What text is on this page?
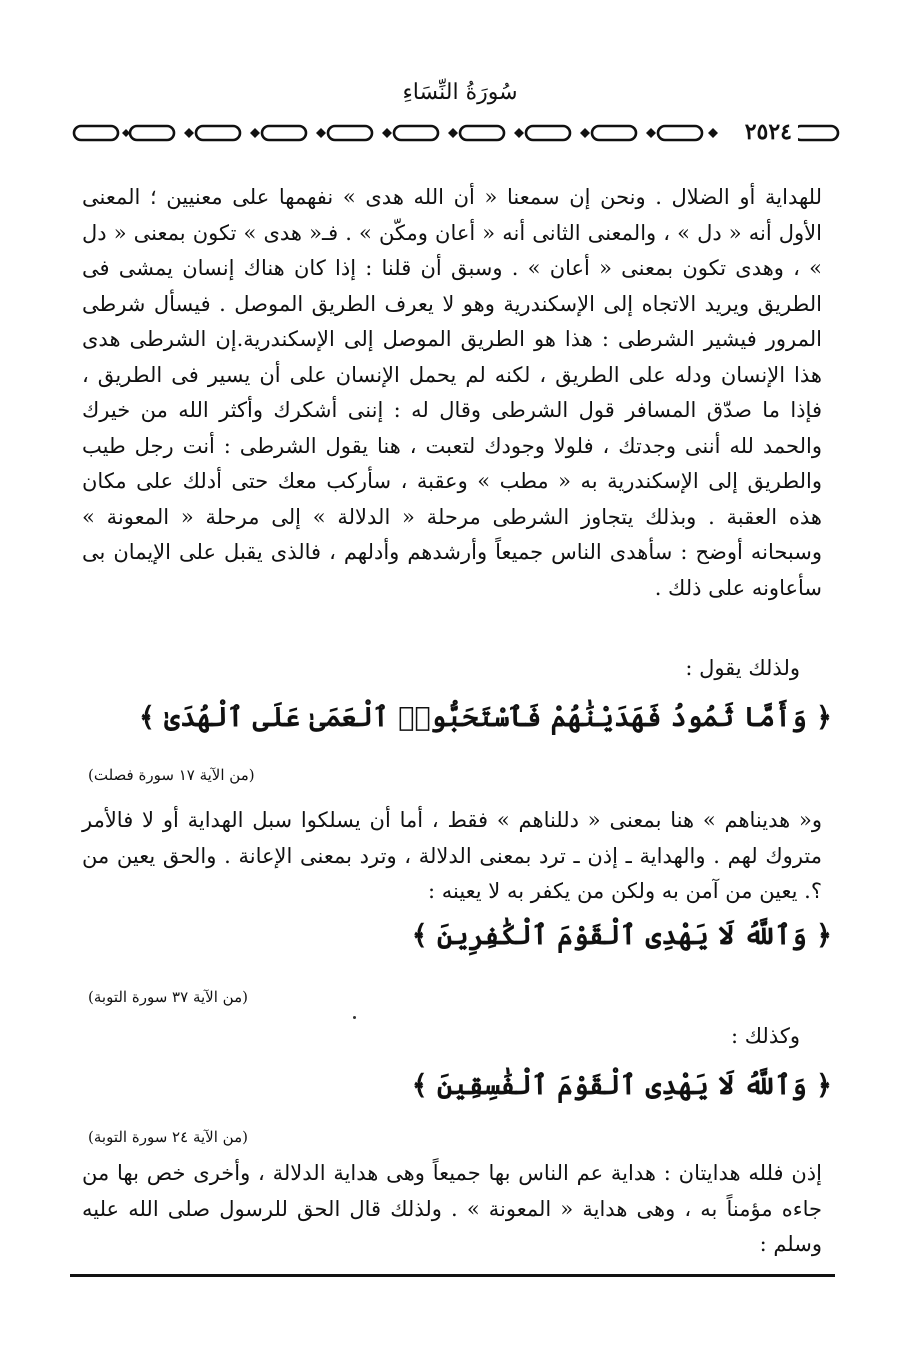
سُورَةُ النِّسَاءِ
٢٥٢٤
للهداية أو الضلال . ونحن إن سمعنا « أن الله هدى » نفهمها على معنيين ؛ المعنى الأول أنه « دل » ، والمعنى الثانى أنه « أعان ومكّن » . فـ« هدى » تكون بمعنى « دل » ، وهدى تكون بمعنى « أعان » . وسبق أن قلنا : إذا كان هناك إنسان يمشى فى الطريق ويريد الاتجاه إلى الإسكندرية وهو لا يعرف الطريق الموصل . فيسأل شرطى المرور فيشير الشرطى : هذا هو الطريق الموصل إلى الإسكندرية.إن الشرطى هدى هذا الإنسان ودله على الطريق ، لكنه لم يحمل الإنسان على أن يسير فى الطريق ، فإذا ما صدّق المسافر قول الشرطى وقال له : إننى أشكرك وأكثر الله من خيرك والحمد لله أننى وجدتك ، فلولا وجودك لتعبت ، هنا يقول الشرطى : أنت رجل طيب والطريق إلى الإسكندرية به « مطب » وعقبة ، سأركب معك حتى أدلك على مكان هذه العقبة . وبذلك يتجاوز الشرطى مرحلة « الدلالة » إلى مرحلة « المعونة » وسبحانه أوضح : سأهدى الناس جميعاً وأرشدهم وأدلهم ، فالذى يقبل على الإيمان بى سأعاونه على ذلك .
ولذلك يقول :
﴿ وَأَمَّا ثَمُودُ فَهَدَيْنَٰهُمْ فَٱسْتَحَبُّوا۟ ٱلْعَمَىٰ عَلَى ٱلْهُدَىٰ ﴾
(من الآية ١٧ سورة فصلت)
و« هديناهم » هنا بمعنى « دللناهم » فقط ، أما أن يسلكوا سبل الهداية أو لا فالأمر متروك لهم . والهداية ـ إذن ـ ترد بمعنى الدلالة ، وترد بمعنى الإعانة . والحق يعين من ؟. يعين من آمن به ولكن من يكفر به لا يعينه :
﴿ وَٱللَّهُ لَا يَهْدِى ٱلْقَوْمَ ٱلْكَٰفِرِينَ ﴾
(من الآية ٣٧ سورة التوبة)
وكذلك :
﴿ وَٱللَّهُ لَا يَهْدِى ٱلْقَوْمَ ٱلْفَٰسِقِينَ ﴾
(من الآية ٢٤ سورة التوبة)
إذن فلله هدايتان : هداية عم الناس بها جميعاً وهى هداية الدلالة ، وأخرى خص بها من جاءه مؤمناً به ، وهى هداية « المعونة » . ولذلك قال الحق للرسول صلى الله عليه وسلم :
